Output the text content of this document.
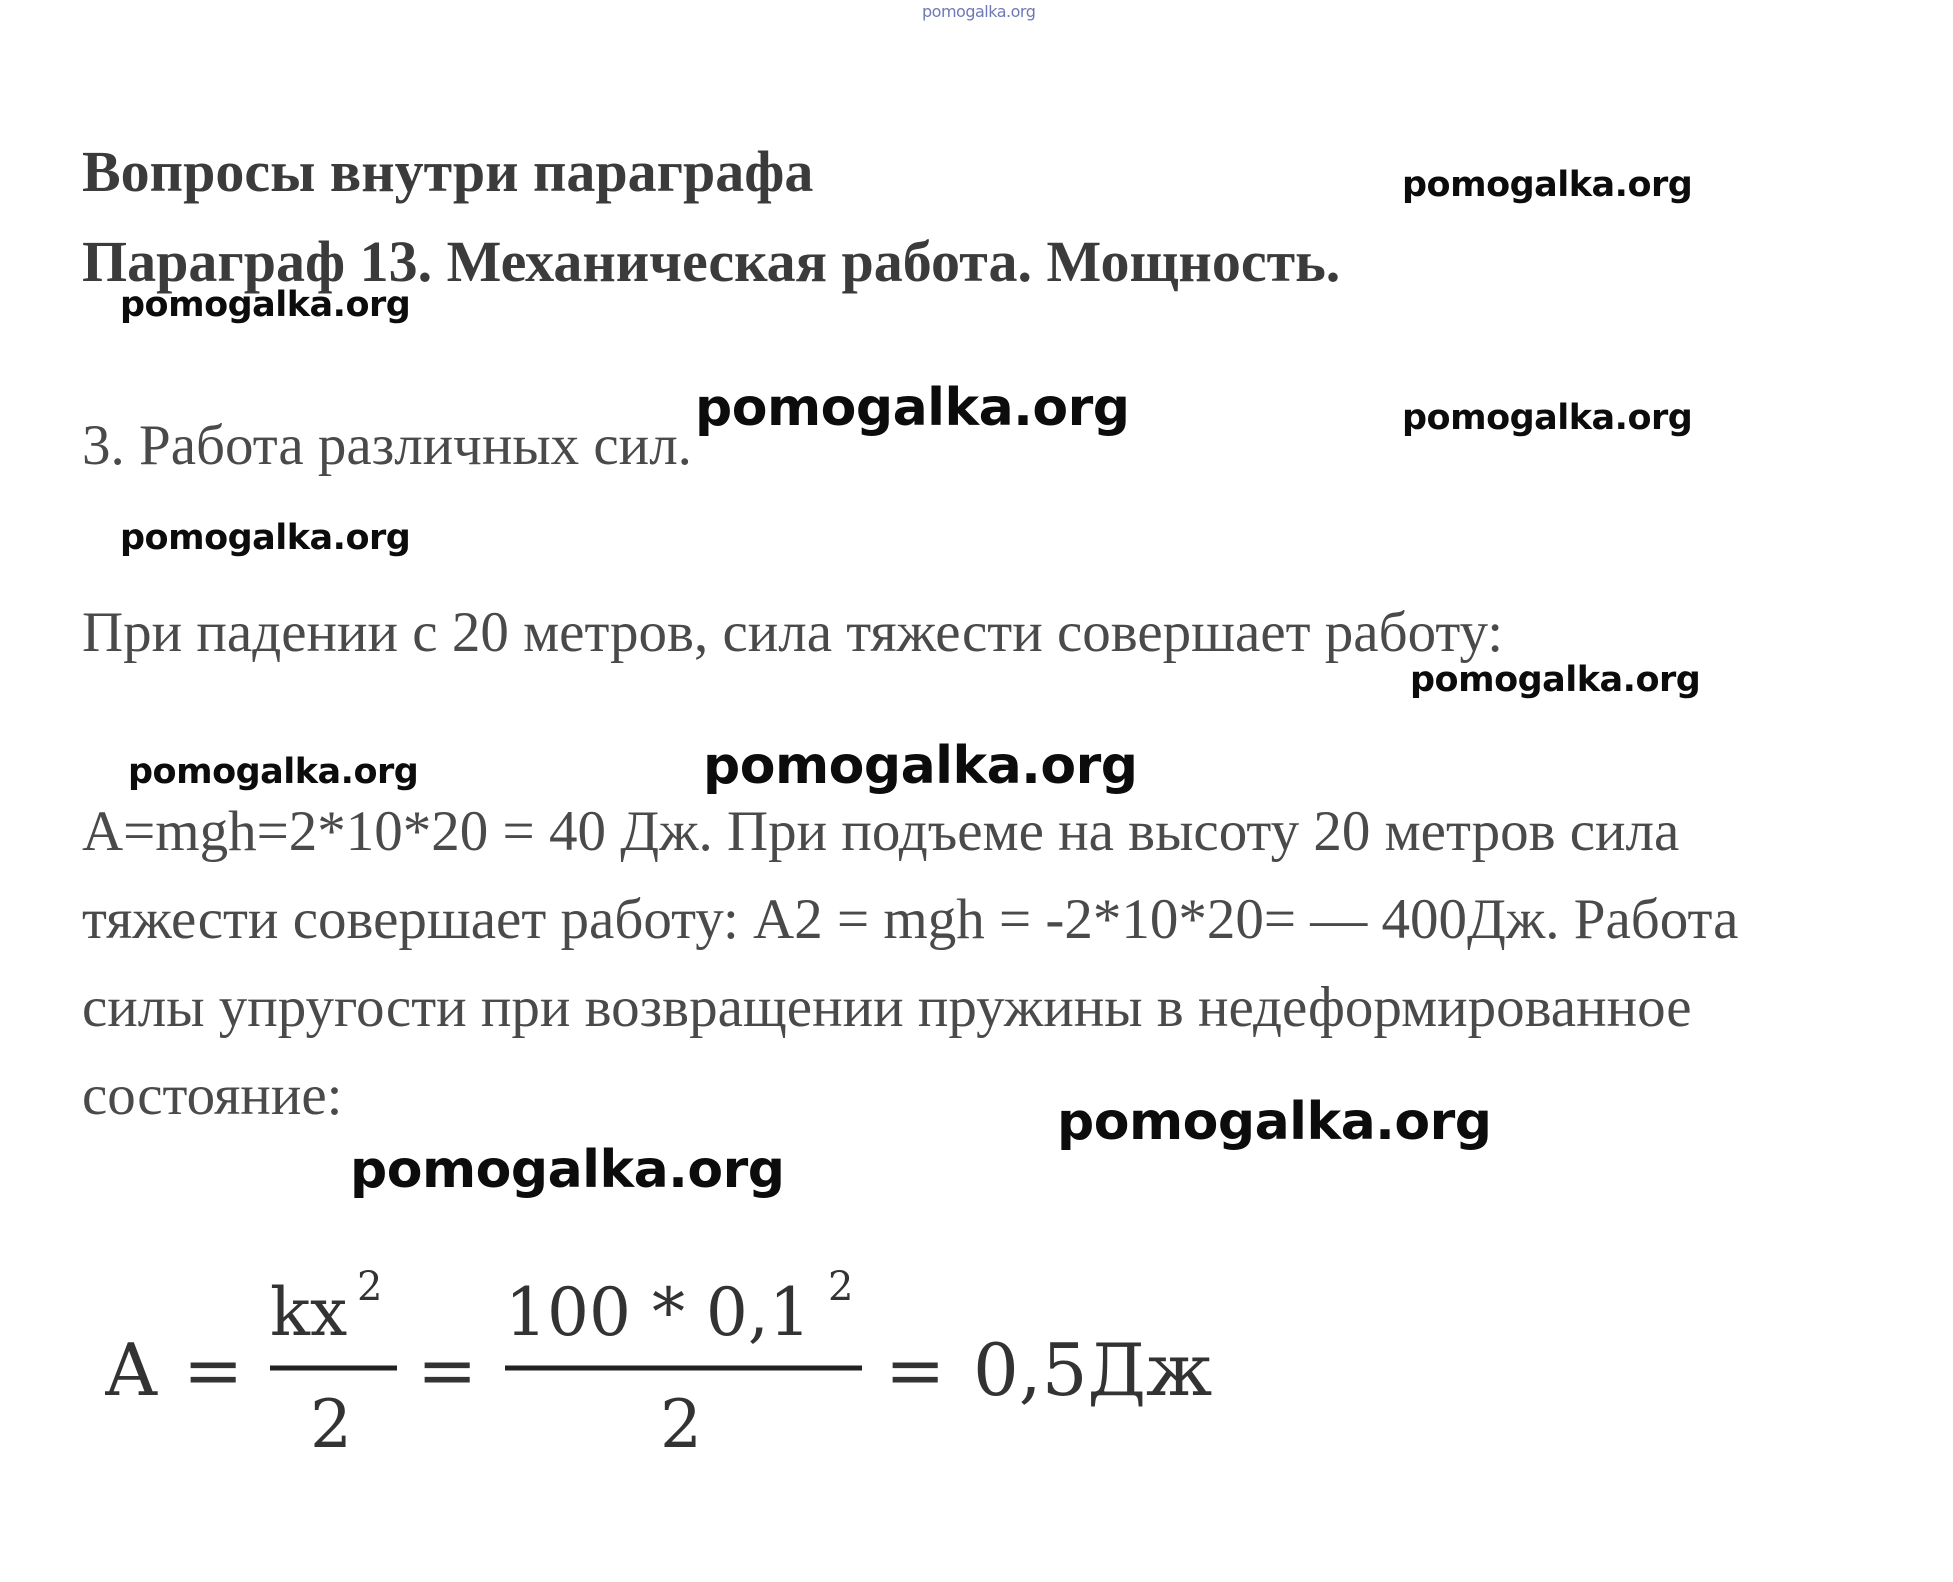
pomogalka.org
Вопросы внутри параграфа
Параграф 13. Механическая работа. Мощность.
3. Работа различных сил.
При падении с 20 метров, сила тяжести совершает работу:
A=mgh=2*10*20 = 40 Дж. При подъеме на высоту 20 метров сила
тяжести совершает работу: A2 = mgh = -2*10*20= — 400Дж. Работа
силы упругости при возвращении пружины в недеформированное
состояние:
pomogalka.org
pomogalka.org
pomogalka.org	pomogalka.org
pomogalka.org
pomogalka.org
pomogalka.org	pomogalka.org
pomogalka.org
pomogalka.org
A =
kx 2
2
=
100 * 0,1 2
2
= 0,5Дж
